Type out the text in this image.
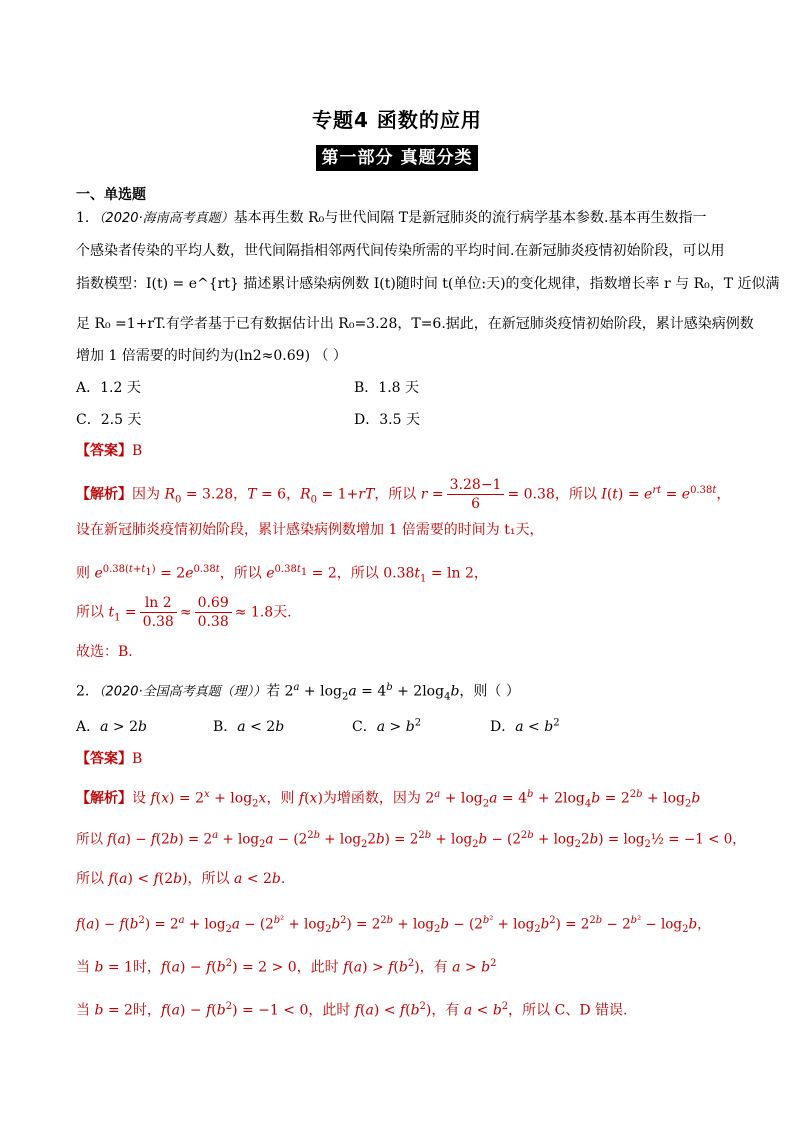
专题4 函数的应用
第一部分 真题分类
一、单选题
1．（2020·海南高考真题）基本再生数 R₀与世代间隔 T是新冠肺炎的流行病学基本参数.基本再生数指一
个感染者传染的平均人数，世代间隔指相邻两代间传染所需的平均时间.在新冠肺炎疫情初始阶段，可以用
指数模型：I(t) = e^{rt} 描述累计感染病例数 I(t)随时间 t(单位:天)的变化规律，指数增长率 r 与 R₀，T 近似满
足 R₀ =1+rT.有学者基于已有数据估计出 R₀=3.28，T=6.据此，在新冠肺炎疫情初始阶段，累计感染病例数
增加 1 倍需要的时间约为(ln2≈0.69) （ ）
A．1.2 天	B．1.8 天
C．2.5 天	D．3.5 天
【答案】B
【解析】因为 $R_0 = 3.28$，T = 6，$R_0 = 1+rT$，所以 $r = \frac{3.28-1}{6} = 0.38$，所以 $I(t) = e^{rt} = e^{0.38t}$，
设在新冠肺炎疫情初始阶段，累计感染病例数增加 1 倍需要的时间为 t₁天，
则 $e^{0.38(t+t_1)} = 2e^{0.38t}$，所以 $e^{0.38t_1} = 2$，所以 $0.38t_1 = \ln 2$，
所以 $t_1 = \frac{\ln 2}{0.38} \approx \frac{0.69}{0.38} \approx 1.8$天.
故选：B.
2．（2020·全国高考真题（理））若 $2^a + \log_2a = 4^b + 2\log_4b$，则（ ）
A．a > 2b	B．a < 2b	C．$a > b^2$	D．$a < b^2$
【答案】B
【解析】设 $f(x) = 2^x + \log_2x$，则 f(x)为增函数，因为 $2^a + \log_2a = 4^b + 2\log_4b = 2^{2b} + \log_2b$
所以 $f(a) - f(2b) = 2^a + \log_2a - (2^{2b} + \log_22b) = 2^{2b} + \log_2b - (2^{2b} + \log_22b)$ = $\log_2\frac{1}{2} = -1 < 0$，
所以 f(a) < f(2b)，所以 a < 2b.
$f(a) - f(b^2) = 2^a + \log_2a - (2^{b^2} + \log_2b^2) = 2^{2b} + \log_2b - (2^{b^2} + \log_2b^2) = 2^{2b} - 2^{b^2} - \log_2b$，
当 b = 1时，$f(a) - f(b^2) = 2 > 0$，此时 $f(a) > f(b^2)$，有 $a > b^2$
当 b = 2时，$f(a) - f(b^2) = -1 < 0$，此时 $f(a) < f(b^2)$，有 $a < b^2$，所以 C、D 错误.
